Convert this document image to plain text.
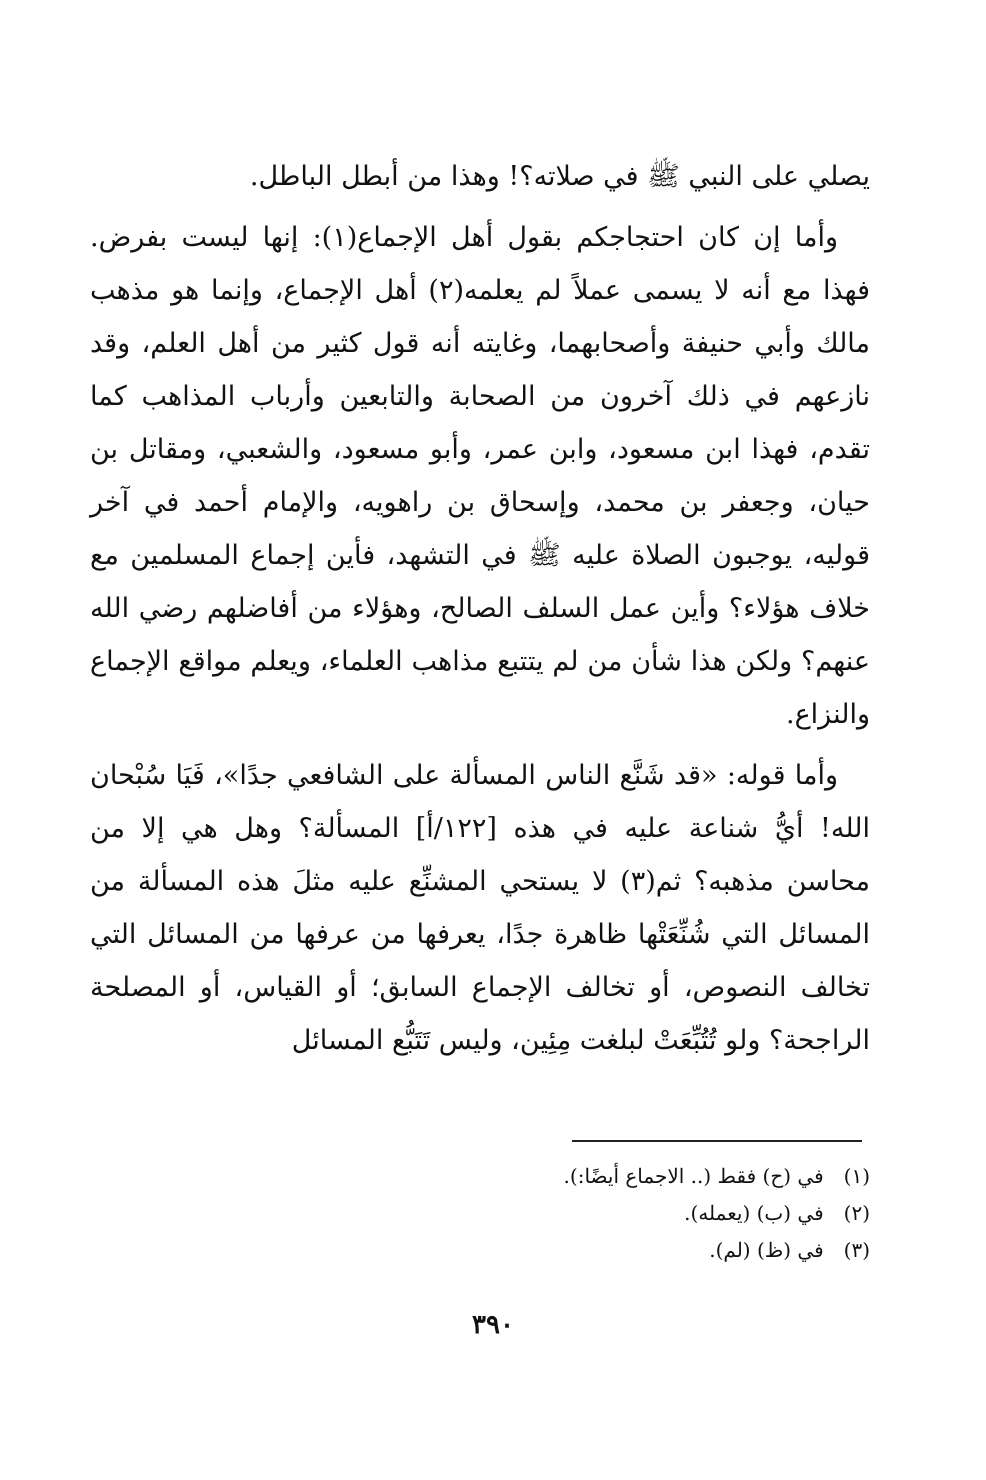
يصلي على النبي ﷺ في صلاته؟! وهذا من أبطل الباطل.

وأما إن كان احتجاجكم بقول أهل الإجماع(١): إنها ليست بفرض. فهذا مع أنه لا يسمى عملاً لم يعلمه(٢) أهل الإجماع، وإنما هو مذهب مالك وأبي حنيفة وأصحابهما، وغايته أنه قول كثير من أهل العلم، وقد نازعهم في ذلك آخرون من الصحابة والتابعين وأرباب المذاهب كما تقدم، فهذا ابن مسعود، وابن عمر، وأبو مسعود، والشعبي، ومقاتل بن حيان، وجعفر بن محمد، وإسحاق بن راهويه، والإمام أحمد في آخر قوليه، يوجبون الصلاة عليه ﷺ في التشهد، فأين إجماع المسلمين مع خلاف هؤلاء؟ وأين عمل السلف الصالح، وهؤلاء من أفاضلهم رضي الله عنهم؟ ولكن هذا شأن من لم يتتبع مذاهب العلماء، ويعلم مواقع الإجماع والنزاع.

وأما قوله: «قد شَنَّع الناس المسألة على الشافعي جدًا»، فَيَا سُبْحان الله! أيُّ شناعة عليه في هذه [١٢٢/أ] المسألة؟ وهل هي إلا من محاسن مذهبه؟ ثم(٣) لا يستحي المشنِّع عليه مثلَ هذه المسألة من المسائل التي شُنِّعَتْها ظاهرة جدًا، يعرفها من عرفها من المسائل التي تخالف النصوص، أو تخالف الإجماع السابق؛ أو القياس، أو المصلحة الراجحة؟ ولو تُتُبِّعَتْ لبلغت مِئِين، وليس تَتَبُّع المسائل

(١) في (ح) فقط (.. الاجماع أيضًا:).
(٢) في (ب) (يعمله).
(٣) في (ظ) (لم).
٣٩٠
